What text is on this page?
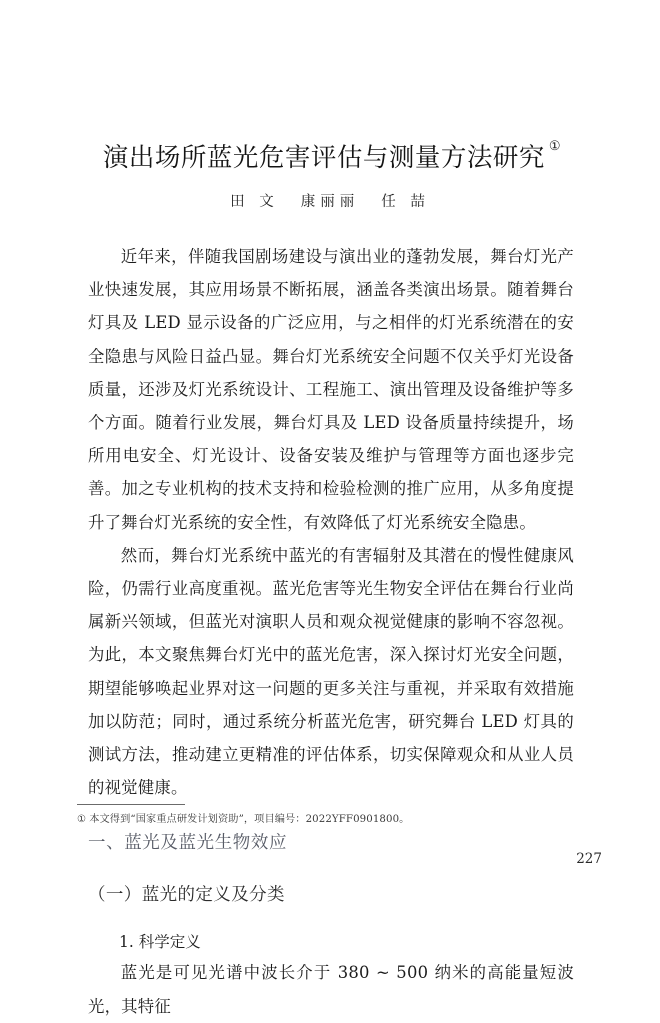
演出场所蓝光危害评估与测量方法研究 ①
田 文 康丽丽 任 喆

近年来，伴随我国剧场建设与演出业的蓬勃发展，舞台灯光产业快速发展，其应用场景不断拓展，涵盖各类演出场景。随着舞台灯具及 LED 显示设备的广泛应用，与之相伴的灯光系统潜在的安全隐患与风险日益凸显。舞台灯光系统安全问题不仅关乎灯光设备质量，还涉及灯光系统设计、工程施工、演出管理及设备维护等多个方面。随着行业发展，舞台灯具及 LED 设备质量持续提升，场所用电安全、灯光设计、设备安装及维护与管理等方面也逐步完善。加之专业机构的技术支持和检验检测的推广应用，从多角度提升了舞台灯光系统的安全性，有效降低了灯光系统安全隐患。

然而，舞台灯光系统中蓝光的有害辐射及其潜在的慢性健康风险，仍需行业高度重视。蓝光危害等光生物安全评估在舞台行业尚属新兴领域，但蓝光对演职人员和观众视觉健康的影响不容忽视。为此，本文聚焦舞台灯光中的蓝光危害，深入探讨灯光安全问题，期望能够唤起业界对这一问题的更多关注与重视，并采取有效措施加以防范；同时，通过系统分析蓝光危害，研究舞台 LED 灯具的测试方法，推动建立更精准的评估体系，切实保障观众和从业人员的视觉健康。

一、蓝光及蓝光生物效应
（一）蓝光的定义及分类
1. 科学定义

蓝光是可见光谱中波长介于 380 ~ 500 纳米的高能量短波光，其特征

① 本文得到“国家重点研发计划资助”，项目编号：2022YFF0901800。
227
